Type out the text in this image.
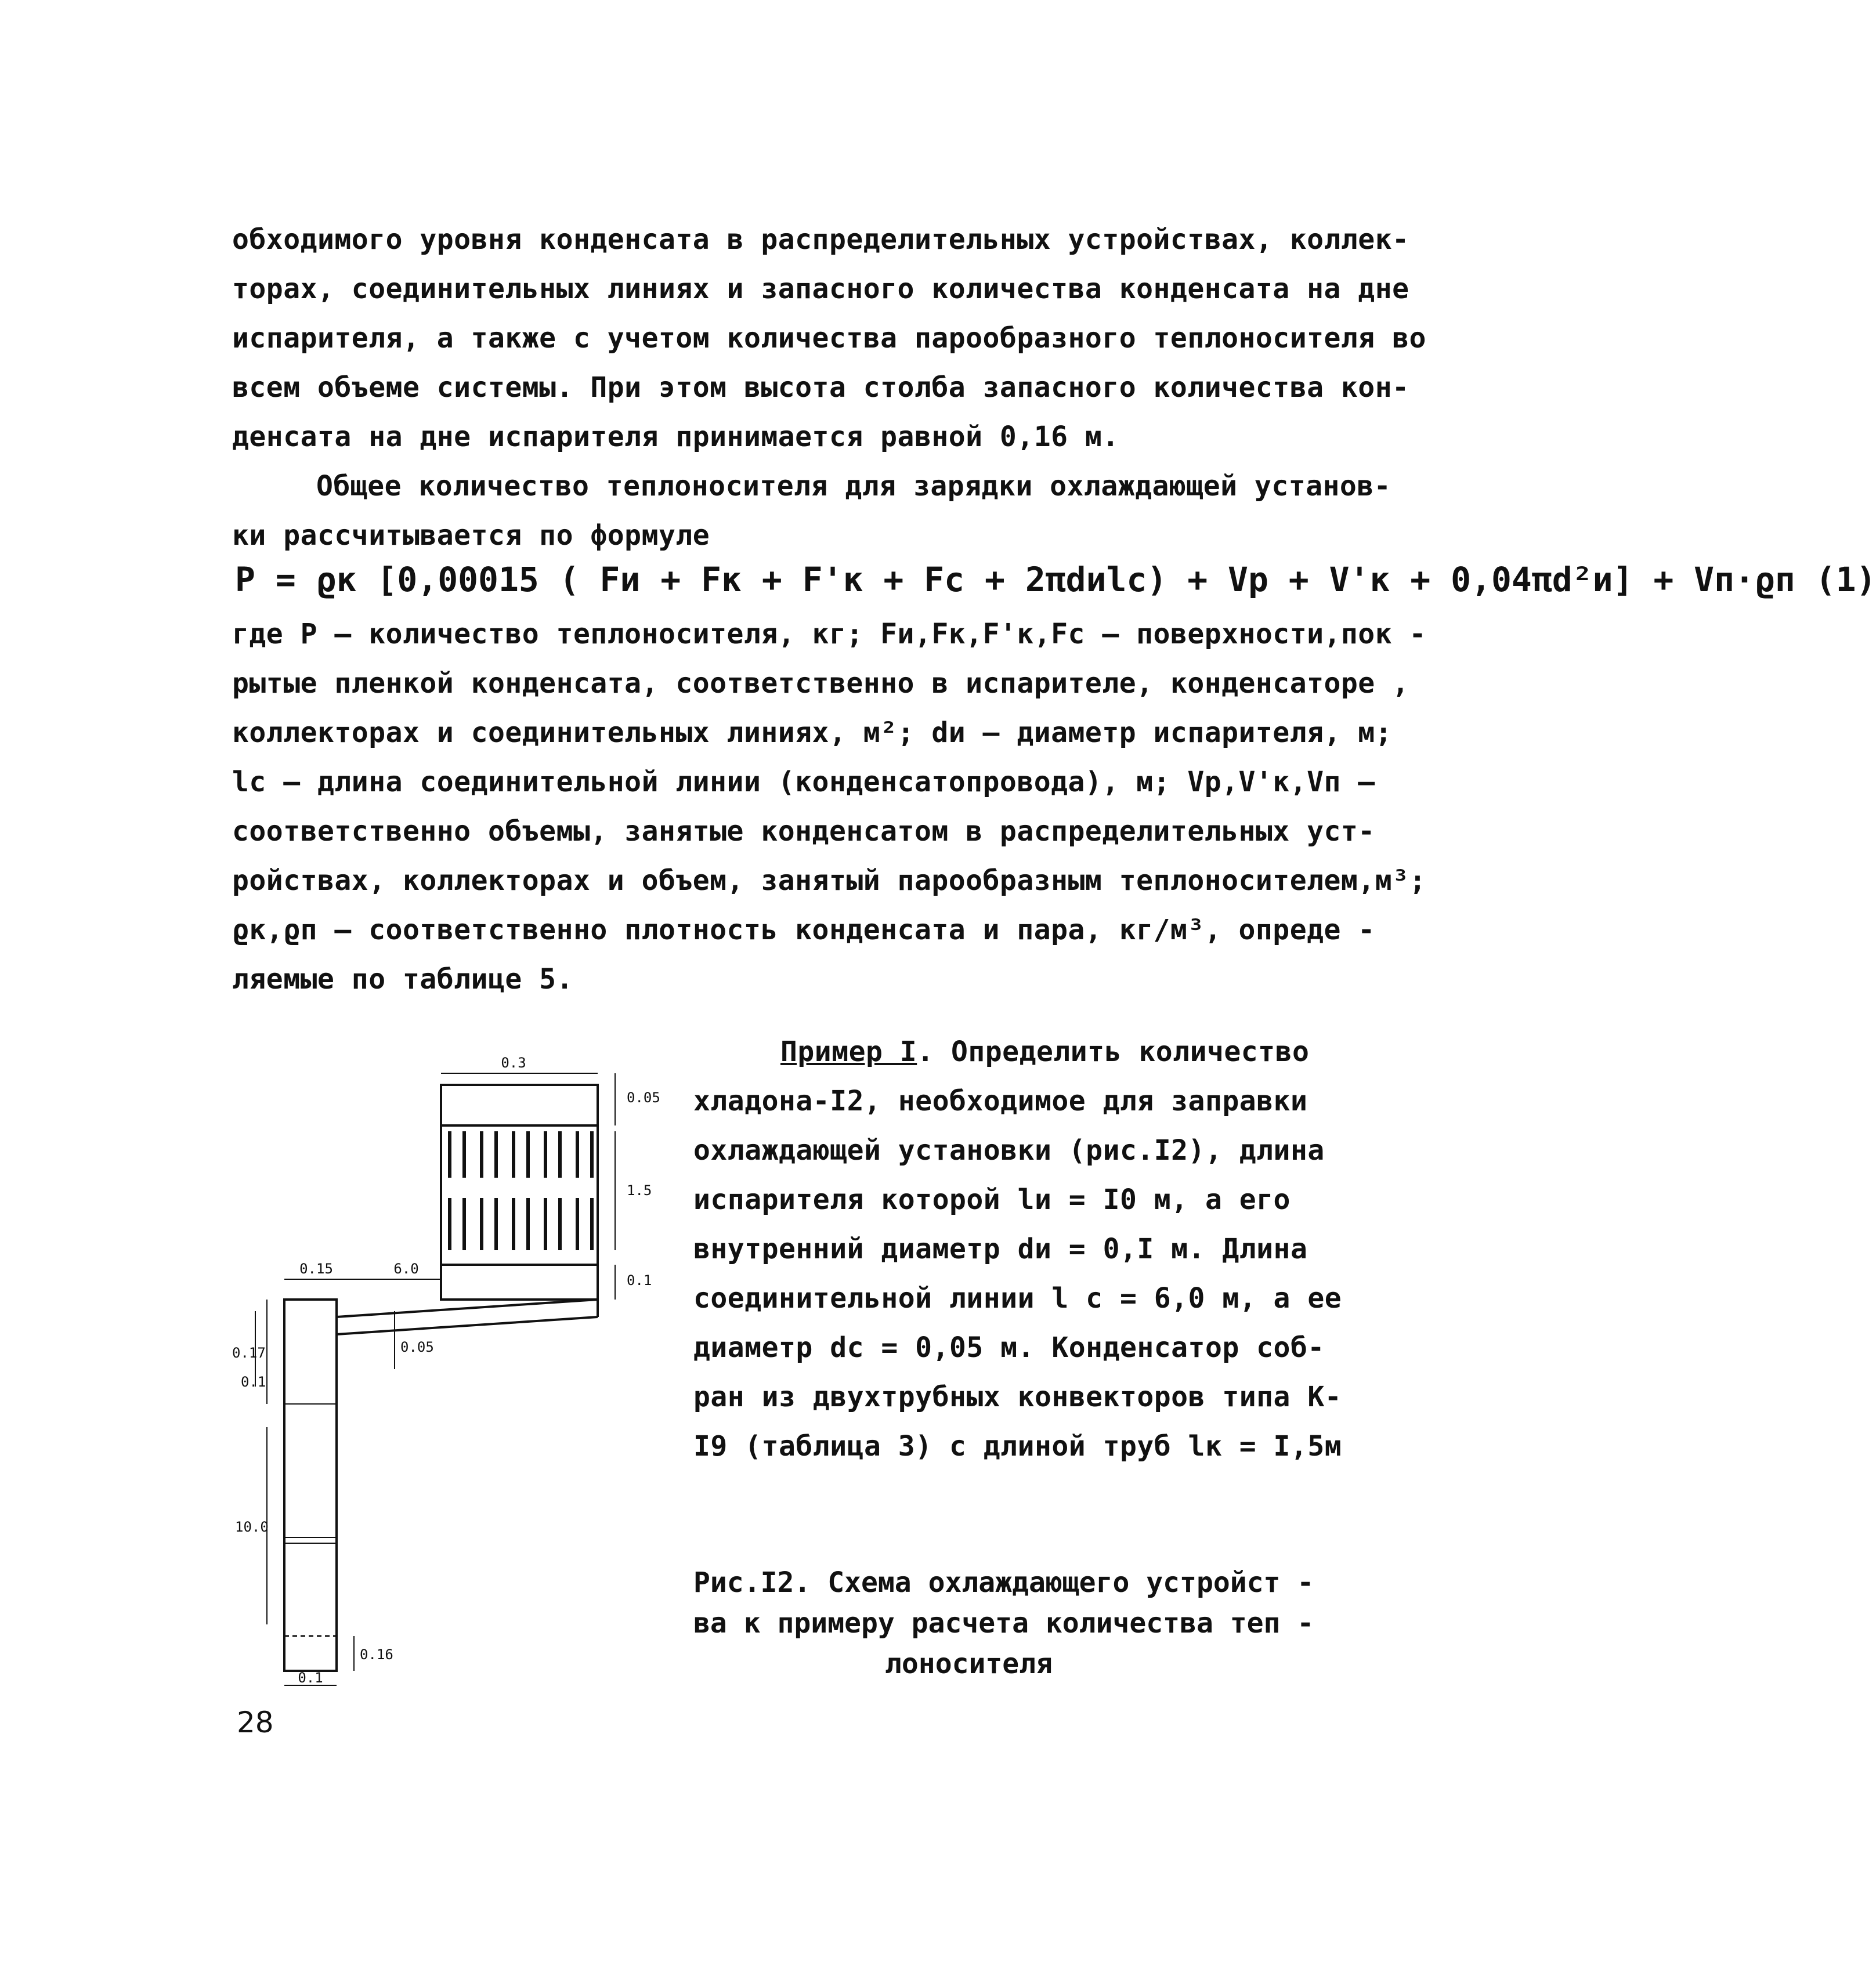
обходимого уровня конденсата в распределительных устройствах, коллек-
торах, соединительных линиях и запасного количества конденсата на дне
испарителя, а также с учетом количества парообразного теплоносителя во
всем объеме системы. При этом высота столба запасного количества кон-
денсата на дне испарителя принимается равной 0,16 м.
Общее количество теплоносителя для зарядки охлаждающей установ-
ки рассчитывается по формуле
P = ϱк [0,00015 ( Fи + Fк + F'к + Fc + 2πdиlc) + Vр + V'к + 0,04πd²и] + Vп·ϱп (1)
где P – количество теплоносителя, кг; Fи,Fк,F'к,Fc – поверхности,пок -
рытые пленкой конденсата, соответственно в испарителе, конденсаторе ,
коллекторах и соединительных линиях, м²; dи – диаметр испарителя, м;
lc – длина соединительной линии (конденсатопровода), м; Vр,V'к,Vп –
соответственно объемы, занятые конденсатом в распределительных уст-
ройствах, коллекторах и объем, занятый парообразным теплоносителем,м³;
ϱк,ϱп – соответственно плотность конденсата и пара, кг/м³, опреде -
ляемые по таблице 5.
0.3
0.05
1.5
0.1
0.15	6.0
0.17
0.1
10.0
0.1
0.16
0.05
Пример I. Определить количество
хладона-I2, необходимое для заправки
охлаждающей установки (рис.I2), длина
испарителя которой lи = I0 м, а его
внутренний диаметр dи = 0,I м. Длина
соединительной линии l c = 6,0 м, а ее
диаметр dc = 0,05 м. Конденсатор соб-
ран из двухтрубных конвекторов типа К-
I9 (таблица 3) с длиной труб lк = I,5м
Рис.I2. Схема охлаждающего устройст -
ва к примеру расчета количества теп -
лоносителя
28
